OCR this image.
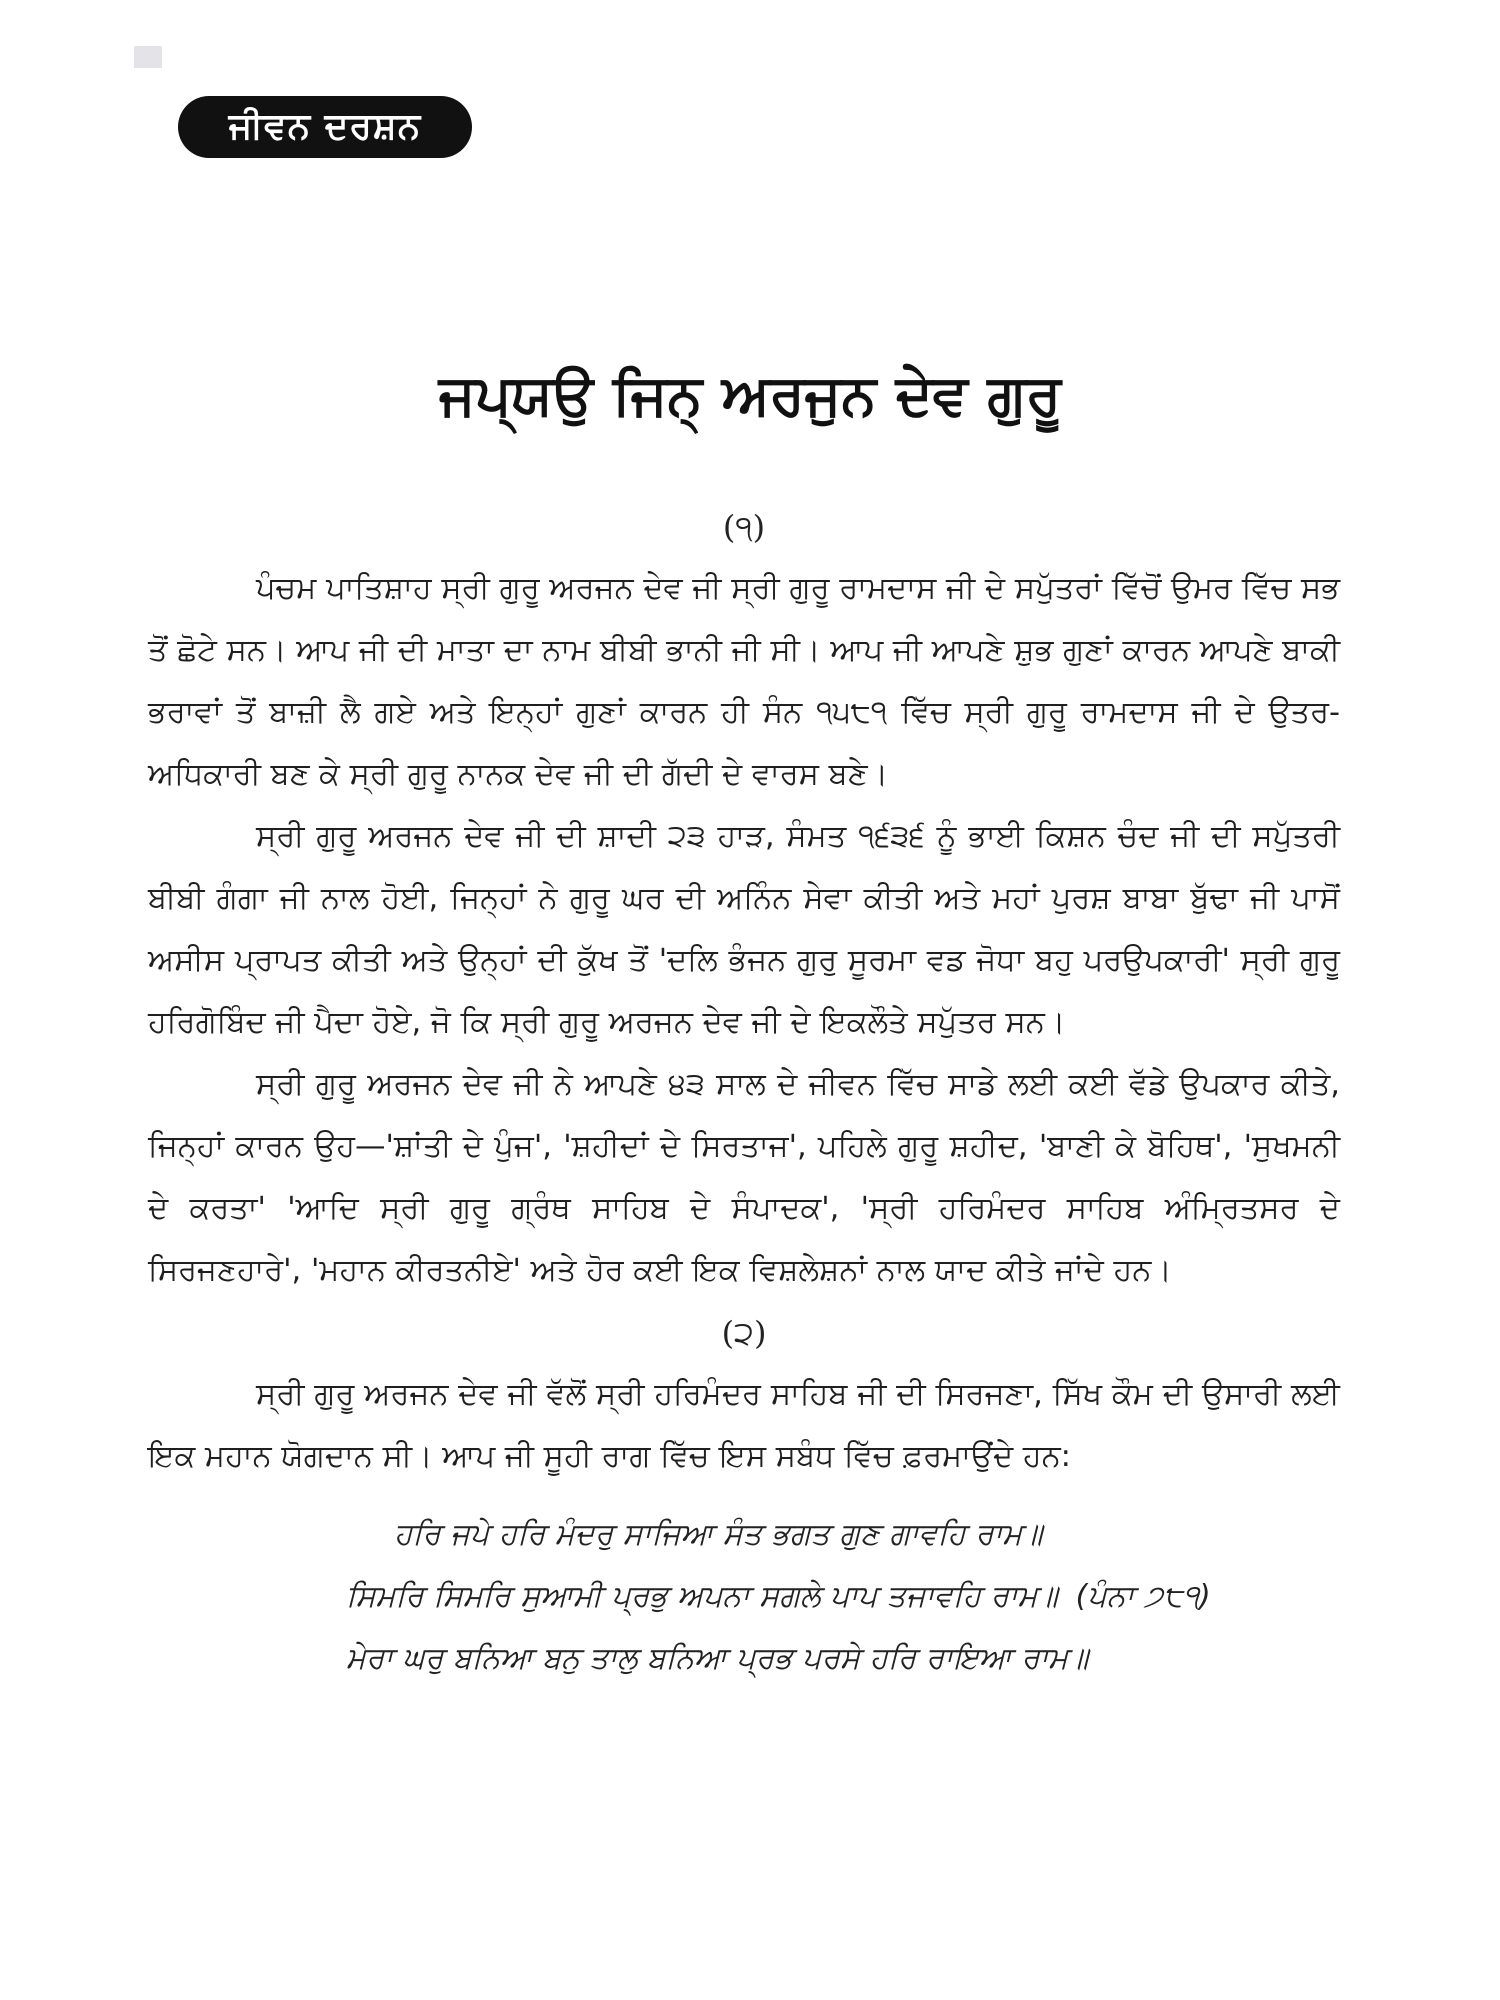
ਜੀਵਨ ਦਰਸ਼ਨ
ਜਪ੍ਯਉ ਜਿਨ੍ ਅਰਜੁਨ ਦੇਵ ਗੁਰੂ
(੧)

ਪੰਚਮ ਪਾਤਿਸ਼ਾਹ ਸ੍ਰੀ ਗੁਰੂ ਅਰਜਨ ਦੇਵ ਜੀ ਸ੍ਰੀ ਗੁਰੂ ਰਾਮਦਾਸ ਜੀ ਦੇ ਸਪੁੱਤਰਾਂ ਵਿੱਚੋਂ ਉਮਰ ਵਿੱਚ ਸਭ ਤੋਂ ਛੋਟੇ ਸਨ। ਆਪ ਜੀ ਦੀ ਮਾਤਾ ਦਾ ਨਾਮ ਬੀਬੀ ਭਾਨੀ ਜੀ ਸੀ। ਆਪ ਜੀ ਆਪਣੇ ਸ਼ੁਭ ਗੁਣਾਂ ਕਾਰਨ ਆਪਣੇ ਬਾਕੀ ਭਰਾਵਾਂ ਤੋਂ ਬਾਜ਼ੀ ਲੈ ਗਏ ਅਤੇ ਇਨ੍ਹਾਂ ਗੁਣਾਂ ਕਾਰਨ ਹੀ ਸੰਨ ੧੫੮੧ ਵਿੱਚ ਸ੍ਰੀ ਗੁਰੂ ਰਾਮਦਾਸ ਜੀ ਦੇ ਉਤਰ-ਅਧਿਕਾਰੀ ਬਣ ਕੇ ਸ੍ਰੀ ਗੁਰੂ ਨਾਨਕ ਦੇਵ ਜੀ ਦੀ ਗੱਦੀ ਦੇ ਵਾਰਸ ਬਣੇ।

ਸ੍ਰੀ ਗੁਰੂ ਅਰਜਨ ਦੇਵ ਜੀ ਦੀ ਸ਼ਾਦੀ ੨੩ ਹਾੜ, ਸੰਮਤ ੧੬੩੬ ਨੂੰ ਭਾਈ ਕਿਸ਼ਨ ਚੰਦ ਜੀ ਦੀ ਸਪੁੱਤਰੀ ਬੀਬੀ ਗੰਗਾ ਜੀ ਨਾਲ ਹੋਈ, ਜਿਨ੍ਹਾਂ ਨੇ ਗੁਰੂ ਘਰ ਦੀ ਅਨਿੰਨ ਸੇਵਾ ਕੀਤੀ ਅਤੇ ਮਹਾਂ ਪੁਰਸ਼ ਬਾਬਾ ਬੁੱਢਾ ਜੀ ਪਾਸੋਂ ਅਸੀਸ ਪ੍ਰਾਪਤ ਕੀਤੀ ਅਤੇ ਉਨ੍ਹਾਂ ਦੀ ਕੁੱਖ ਤੋਂ 'ਦਲਿ ਭੰਜਨ ਗੁਰੁ ਸੂਰਮਾ ਵਡ ਜੋਧਾ ਬਹੁ ਪਰਉਪਕਾਰੀ' ਸ੍ਰੀ ਗੁਰੂ ਹਰਿਗੋਬਿੰਦ ਜੀ ਪੈਦਾ ਹੋਏ, ਜੋ ਕਿ ਸ੍ਰੀ ਗੁਰੂ ਅਰਜਨ ਦੇਵ ਜੀ ਦੇ ਇਕਲੌਤੇ ਸਪੁੱਤਰ ਸਨ।

ਸ੍ਰੀ ਗੁਰੂ ਅਰਜਨ ਦੇਵ ਜੀ ਨੇ ਆਪਣੇ ੪੩ ਸਾਲ ਦੇ ਜੀਵਨ ਵਿੱਚ ਸਾਡੇ ਲਈ ਕਈ ਵੱਡੇ ਉਪਕਾਰ ਕੀਤੇ, ਜਿਨ੍ਹਾਂ ਕਾਰਨ ਉਹ—'ਸ਼ਾਂਤੀ ਦੇ ਪੁੰਜ', 'ਸ਼ਹੀਦਾਂ ਦੇ ਸਿਰਤਾਜ', ਪਹਿਲੇ ਗੁਰੂ ਸ਼ਹੀਦ, 'ਬਾਣੀ ਕੇ ਬੋਹਿਥ', 'ਸੁਖਮਨੀ ਦੇ ਕਰਤਾ' 'ਆਦਿ ਸ੍ਰੀ ਗੁਰੂ ਗ੍ਰੰਥ ਸਾਹਿਬ ਦੇ ਸੰਪਾਦਕ', 'ਸ੍ਰੀ ਹਰਿਮੰਦਰ ਸਾਹਿਬ ਅੰਮ੍ਰਿਤਸਰ ਦੇ ਸਿਰਜਣਹਾਰੇ', 'ਮਹਾਨ ਕੀਰਤਨੀਏ' ਅਤੇ ਹੋਰ ਕਈ ਇਕ ਵਿਸ਼ਲੇਸ਼ਨਾਂ ਨਾਲ ਯਾਦ ਕੀਤੇ ਜਾਂਦੇ ਹਨ।

(੨)

ਸ੍ਰੀ ਗੁਰੂ ਅਰਜਨ ਦੇਵ ਜੀ ਵੱਲੋਂ ਸ੍ਰੀ ਹਰਿਮੰਦਰ ਸਾਹਿਬ ਜੀ ਦੀ ਸਿਰਜਣਾ, ਸਿੱਖ ਕੌਮ ਦੀ ਉਸਾਰੀ ਲਈ ਇਕ ਮਹਾਨ ਯੋਗਦਾਨ ਸੀ। ਆਪ ਜੀ ਸੂਹੀ ਰਾਗ ਵਿੱਚ ਇਸ ਸਬੰਧ ਵਿੱਚ ਫ਼ਰਮਾਉਂਦੇ ਹਨ:

ਹਰਿ ਜਪੇ ਹਰਿ ਮੰਦਰੁ ਸਾਜਿਆ ਸੰਤ ਭਗਤ ਗੁਣ ਗਾਵਹਿ ਰਾਮ॥
ਸਿਮਰਿ ਸਿਮਰਿ ਸੁਆਮੀ ਪ੍ਰਭੁ ਅਪਨਾ ਸਗਲੇ ਪਾਪ ਤਜਾਵਹਿ ਰਾਮ॥ (ਪੰਨਾ ੭੮੧)
ਮੇਰਾ ਘਰੁ ਬਨਿਆ ਬਨੁ ਤਾਲੁ ਬਨਿਆ ਪ੍ਰਭ ਪਰਸੇ ਹਰਿ ਰਾਇਆ ਰਾਮ॥
